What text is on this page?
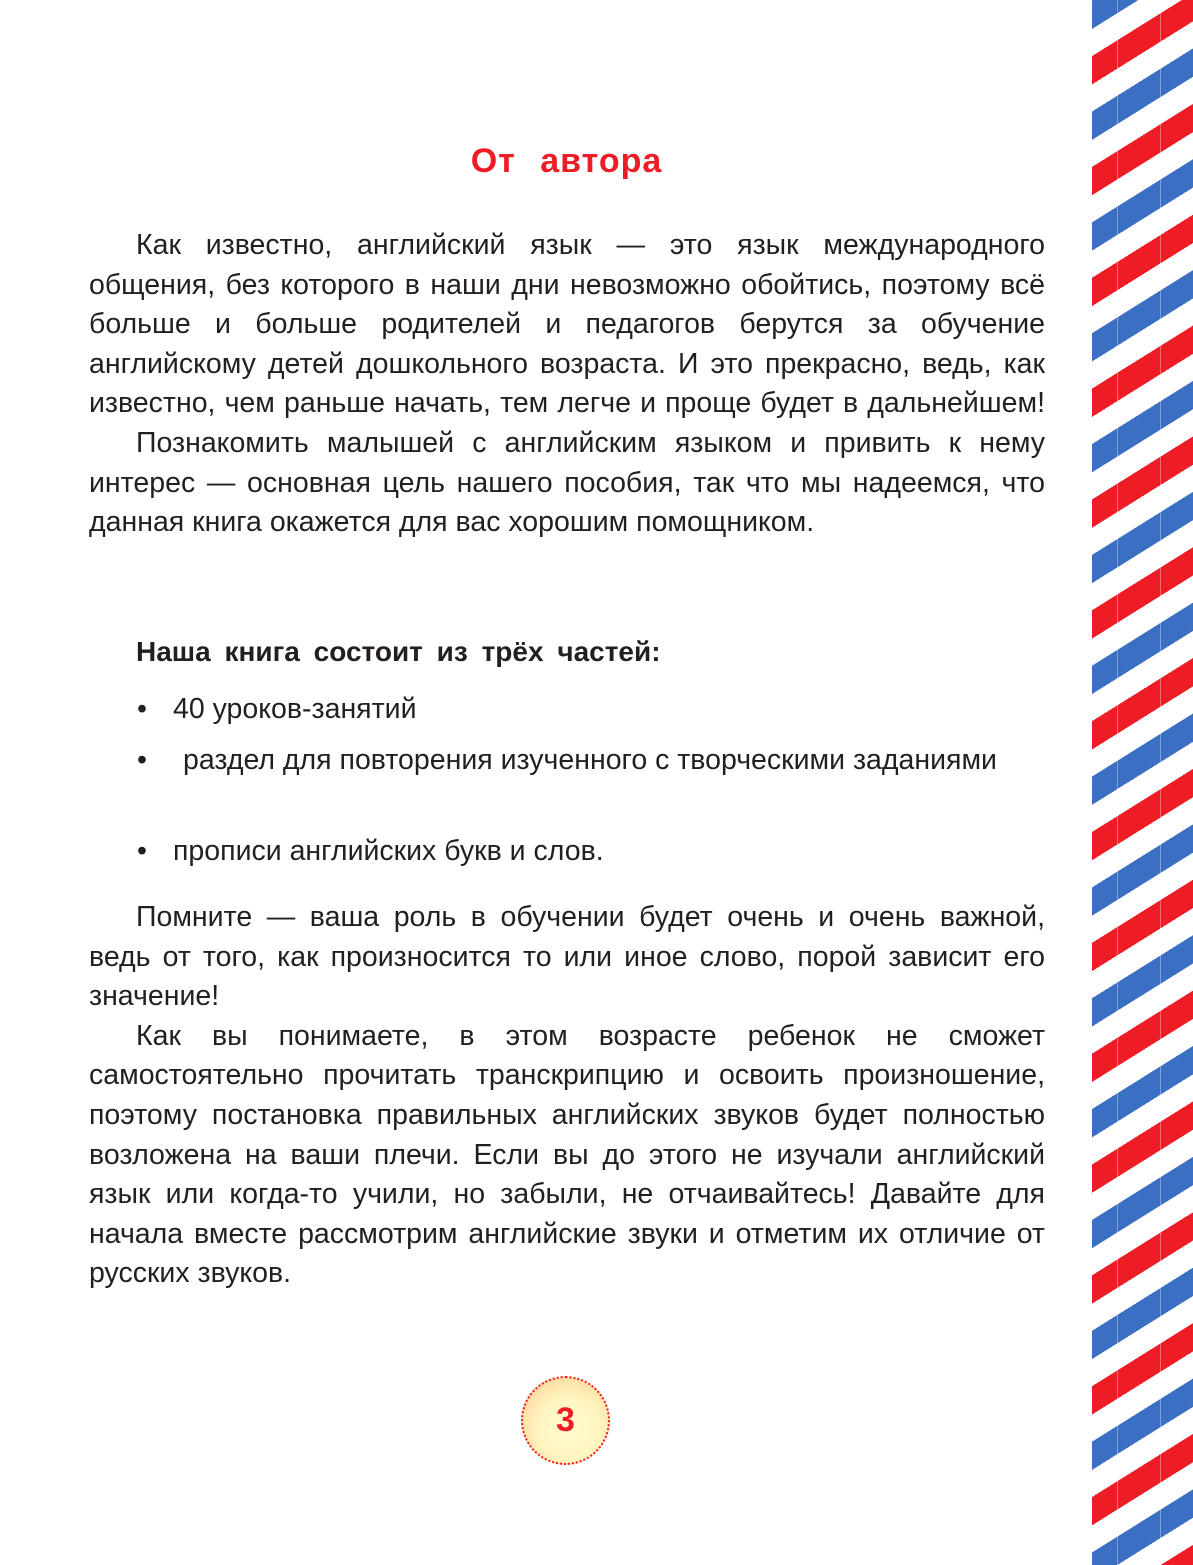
От автора

Как известно, английский язык — это язык международного общения, без которого в наши дни невозможно обойтись, поэтому всё больше и больше родителей и педагогов берутся за обучение английскому детей дошкольного возраста. И это прекрасно, ведь, как известно, чем раньше начать, тем легче и проще будет в дальнейшем!

Познакомить малышей с английским языком и привить к нему интерес — основная цель нашего пособия, так что мы надеемся, что данная книга окажется для вас хорошим помощником.

Наша книга состоит из трёх частей:
• 40 уроков-занятий
• раздел для повторения изученного с творческими заданиями
• прописи английских букв и слов.

Помните — ваша роль в обучении будет очень и очень важной, ведь от того, как произносится то или иное слово, порой зависит его значение!

Как вы понимаете, в этом возрасте ребенок не сможет самостоятельно прочитать транскрипцию и освоить произношение, поэтому постановка правильных английских звуков будет полностью возложена на ваши плечи. Если вы до этого не изучали английский язык или когда-то учили, но забыли, не отчаивайтесь! Давайте для начала вместе рассмотрим английские звуки и отметим их отличие от русских звуков.

3
